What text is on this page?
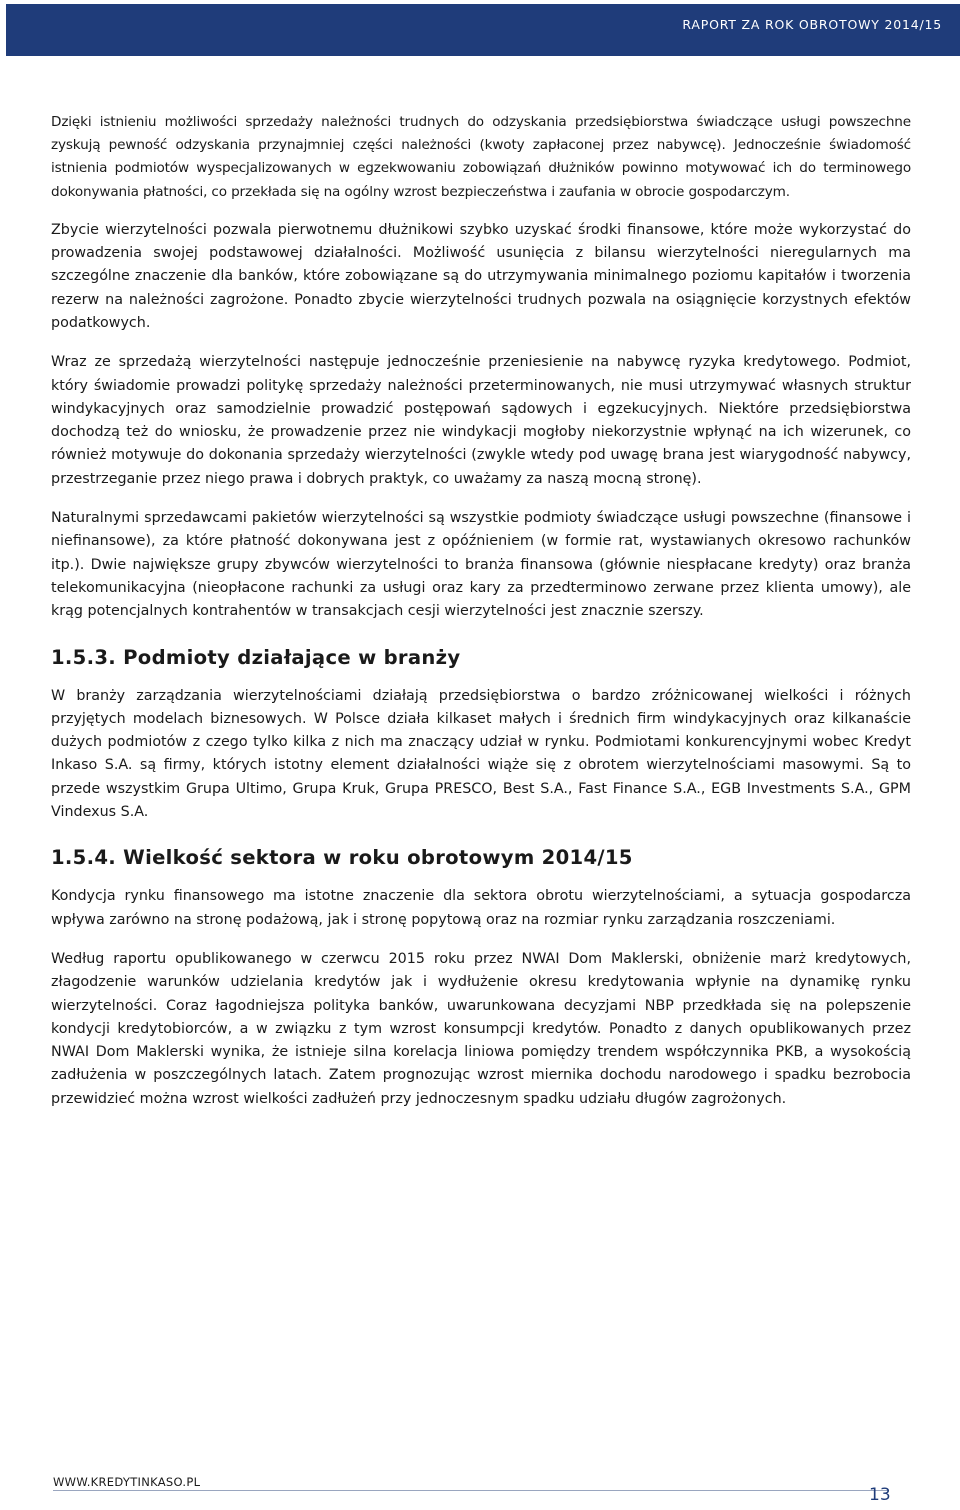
RAPORT ZA ROK OBROTOWY 2014/15

Dzięki istnieniu możliwości sprzedaży należności trudnych do odzyskania przedsiębiorstwa świadczące usługi powszechne zyskują pewność odzyskania przynajmniej części należności (kwoty zapłaconej przez nabywcę). Jednocześnie świadomość istnienia podmiotów wyspecjalizowanych w egzekwowaniu zobowiązań dłużników powinno motywować ich do terminowego dokonywania płatności, co przekłada się na ogólny wzrost bezpieczeństwa i zaufania w obrocie gospodarczym.

Zbycie wierzytelności pozwala pierwotnemu dłużnikowi szybko uzyskać środki finansowe, które może wykorzystać do prowadzenia swojej podstawowej działalności. Możliwość usunięcia z bilansu wierzytelności nieregularnych ma szczególne znaczenie dla banków, które zobowiązane są do utrzymywania minimalnego poziomu kapitałów i tworzenia rezerw na należności zagrożone. Ponadto zbycie wierzytelności trudnych pozwala na osiągnięcie korzystnych efektów podatkowych.

Wraz ze sprzedażą wierzytelności następuje jednocześnie przeniesienie na nabywcę ryzyka kredytowego. Podmiot, który świadomie prowadzi politykę sprzedaży należności przeterminowanych, nie musi utrzymywać własnych struktur windykacyjnych oraz samodzielnie prowadzić postępowań sądowych i egzekucyjnych. Niektóre przedsiębiorstwa dochodzą też do wniosku, że prowadzenie przez nie windykacji mogłoby niekorzystnie wpłynąć na ich wizerunek, co również motywuje do dokonania sprzedaży wierzytelności (zwykle wtedy pod uwagę brana jest wiarygodność nabywcy, przestrzeganie przez niego prawa i dobrych praktyk, co uważamy za naszą mocną stronę).

Naturalnymi sprzedawcami pakietów wierzytelności są wszystkie podmioty świadczące usługi powszechne (finansowe i niefinansowe), za które płatność dokonywana jest z opóźnieniem (w formie rat, wystawianych okresowo rachunków itp.). Dwie największe grupy zbywców wierzytelności to branża finansowa (głównie niespłacane kredyty) oraz branża telekomunikacyjna (nieopłacone rachunki za usługi oraz kary za przedterminowo zerwane przez klienta umowy), ale krąg potencjalnych kontrahentów w transakcjach cesji wierzytelności jest znacznie szerszy.

1.5.3. Podmioty działające w branży

W branży zarządzania wierzytelnościami działają przedsiębiorstwa o bardzo zróżnicowanej wielkości i różnych przyjętych modelach biznesowych. W Polsce działa kilkaset małych i średnich firm windykacyjnych oraz kilkanaście dużych podmiotów z czego tylko kilka z nich ma znaczący udział w rynku. Podmiotami konkurencyjnymi wobec Kredyt Inkaso S.A. są firmy, których istotny element działalności wiąże się z obrotem wierzytelnościami masowymi. Są to przede wszystkim Grupa Ultimo, Grupa Kruk, Grupa PRESCO, Best S.A., Fast Finance S.A., EGB Investments S.A., GPM Vindexus S.A.

1.5.4. Wielkość sektora w roku obrotowym 2014/15

Kondycja rynku finansowego ma istotne znaczenie dla sektora obrotu wierzytelnościami, a sytuacja gospodarcza wpływa zarówno na stronę podażową, jak i stronę popytową oraz na rozmiar rynku zarządzania roszczeniami.

Według raportu opublikowanego w czerwcu 2015 roku przez NWAI Dom Maklerski, obniżenie marż kredytowych, złagodzenie warunków udzielania kredytów jak i wydłużenie okresu kredytowania wpłynie na dynamikę rynku wierzytelności. Coraz łagodniejsza polityka banków, uwarunkowana decyzjami NBP przedkłada się na polepszenie kondycji kredytobiorców, a w związku z tym wzrost konsumpcji kredytów. Ponadto z danych opublikowanych przez NWAI Dom Maklerski wynika, że istnieje silna korelacja liniowa pomiędzy trendem współczynnika PKB, a wysokością zadłużenia w poszczególnych latach. Zatem prognozując wzrost miernika dochodu narodowego i spadku bezrobocia przewidzieć można wzrost wielkości zadłużeń przy jednoczesnym spadku udziału długów zagrożonych.

WWW.KREDYTINKASO.PL
13
